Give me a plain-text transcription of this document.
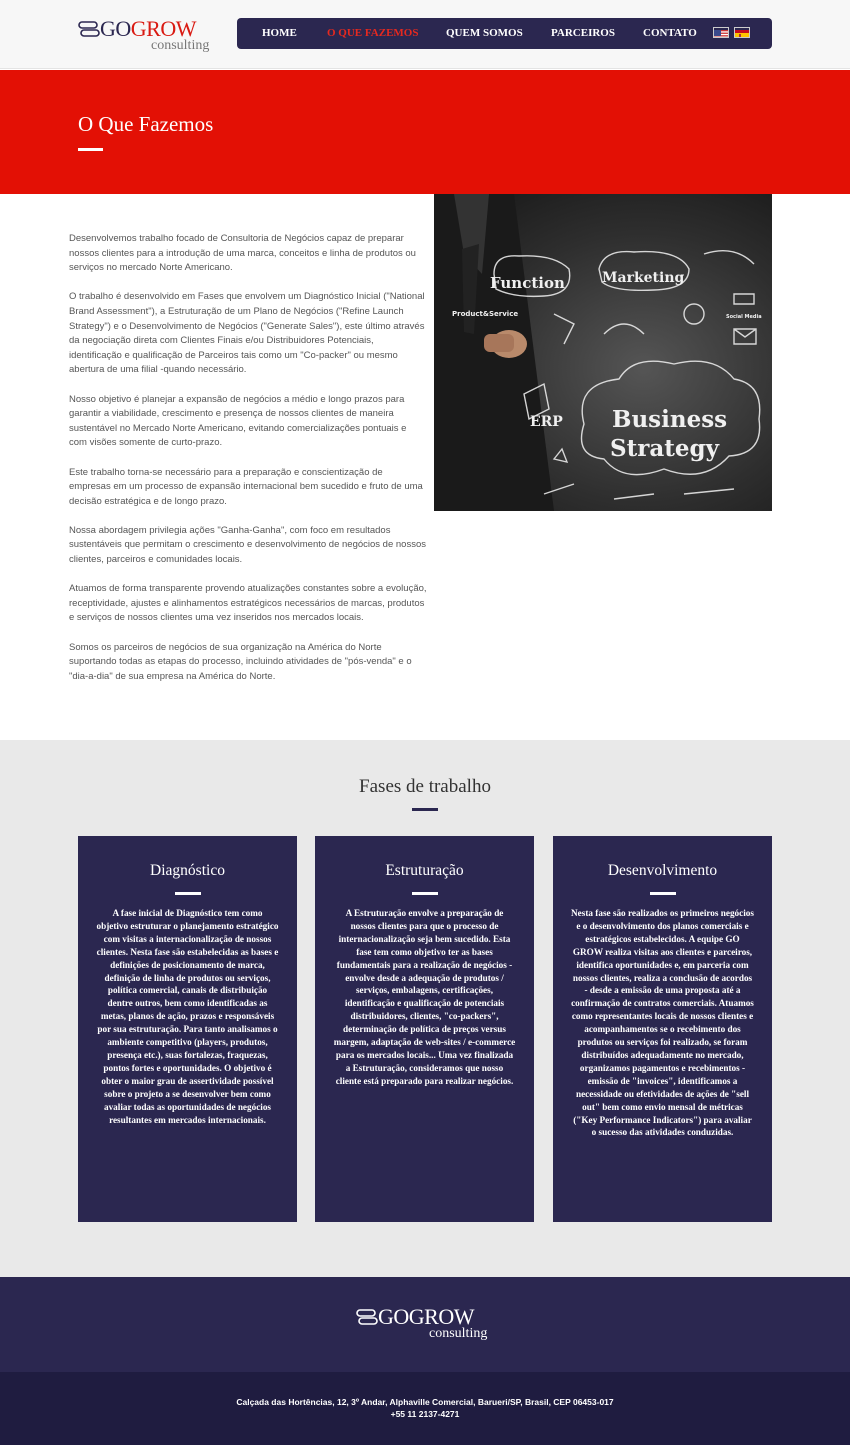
GOGROW
consulting
HOME	O QUE FAZEMOS	QUEM SOMOS	PARCEIROS	CONTATO
O Que Fazemos

Desenvolvemos trabalho focado de Consultoria de Negócios capaz de preparar nossos clientes para a introdução de uma marca, conceitos e linha de produtos ou serviços no mercado Norte Americano.

O trabalho é desenvolvido em Fases que envolvem um Diagnóstico Inicial ("National Brand Assessment"), a Estruturação de um Plano de Negócios ("Refine Launch Strategy") e o Desenvolvimento de Negócios ("Generate Sales"), este último através da negociação direta com Clientes Finais e/ou Distribuidores Potenciais, identificação e qualificação de Parceiros tais como um "Co-packer" ou mesmo abertura de uma filial -quando necessário.

Nosso objetivo é planejar a expansão de negócios a médio e longo prazos para garantir a viabilidade, crescimento e presença de nossos clientes de maneira sustentável no Mercado Norte Americano, evitando comercializações pontuais e com visões somente de curto-prazo.

Este trabalho torna-se necessário para a preparação e conscientização de empresas em um processo de expansão internacional bem sucedido e fruto de uma decisão estratégica e de longo prazo.

Nossa abordagem privilegia ações "Ganha-Ganha", com foco em resultados sustentáveis que permitam o crescimento e desenvolvimento de negócios de nossos clientes, parceiros e comunidades locais.

Atuamos de forma transparente provendo atualizações constantes sobre a evolução, receptividade, ajustes e alinhamentos estratégicos necessários de marcas, produtos e serviços de nossos clientes uma vez inseridos nos mercados locais.

Somos os parceiros de negócios de sua organização na América do Norte suportando todas as etapas do processo, incluindo atividades de "pós-venda" e o "dia-a-dia" de sua empresa na América do Norte.

Function	Marketing
Product&Service
ERP Business
Strategy
Social Media
Fases de trabalho
Diagnóstico

A fase inicial de Diagnóstico tem como objetivo estruturar o planejamento estratégico com visitas a internacionalização de nossos clientes. Nesta fase são estabelecidas as bases e definições de posicionamento de marca, definição de linha de produtos ou serviços, política comercial, canais de distribuição dentre outros, bem como identificadas as metas, planos de ação, prazos e responsáveis por sua estruturação. Para tanto analisamos o ambiente competitivo (players, produtos, presença etc.), suas fortalezas, fraquezas, pontos fortes e oportunidades. O objetivo é obter o maior grau de assertividade possível sobre o projeto a se desenvolver bem como avaliar todas as oportunidades de negócios resultantes em mercados internacionais.

Estruturação

A Estruturação envolve a preparação de nossos clientes para que o processo de internacionalização seja bem sucedido. Esta fase tem como objetivo ter as bases fundamentais para a realização de negócios - envolve desde a adequação de produtos / serviços, embalagens, certificações, identificação e qualificação de potenciais distribuidores, clientes, "co-packers", determinação de política de preços versus margem, adaptação de web-sites / e-commerce para os mercados locais... Uma vez finalizada a Estruturação, consideramos que nosso cliente está preparado para realizar negócios.

Desenvolvimento

Nesta fase são realizados os primeiros negócios e o desenvolvimento dos planos comerciais e estratégicos estabelecidos. A equipe GO GROW realiza visitas aos clientes e parceiros, identifica oportunidades e, em parceria com nossos clientes, realiza a conclusão de acordos - desde a emissão de uma proposta até a confirmação de contratos comerciais. Atuamos como representantes locais de nossos clientes e acompanhamentos se o recebimento dos produtos ou serviços foi realizado, se foram distribuídos adequadamente no mercado, organizamos pagamentos e recebimentos - emissão de "invoices", identificamos a necessidade ou efetividades de ações de "sell out" bem como envio mensal de métricas ("Key Performance Indicators") para avaliar o sucesso das atividades conduzidas.

GOGROW
consulting
Calçada das Hortências, 12, 3º Andar, Alphaville Comercial, Barueri/SP, Brasil, CEP 06453-017
+55 11 2137-4271
